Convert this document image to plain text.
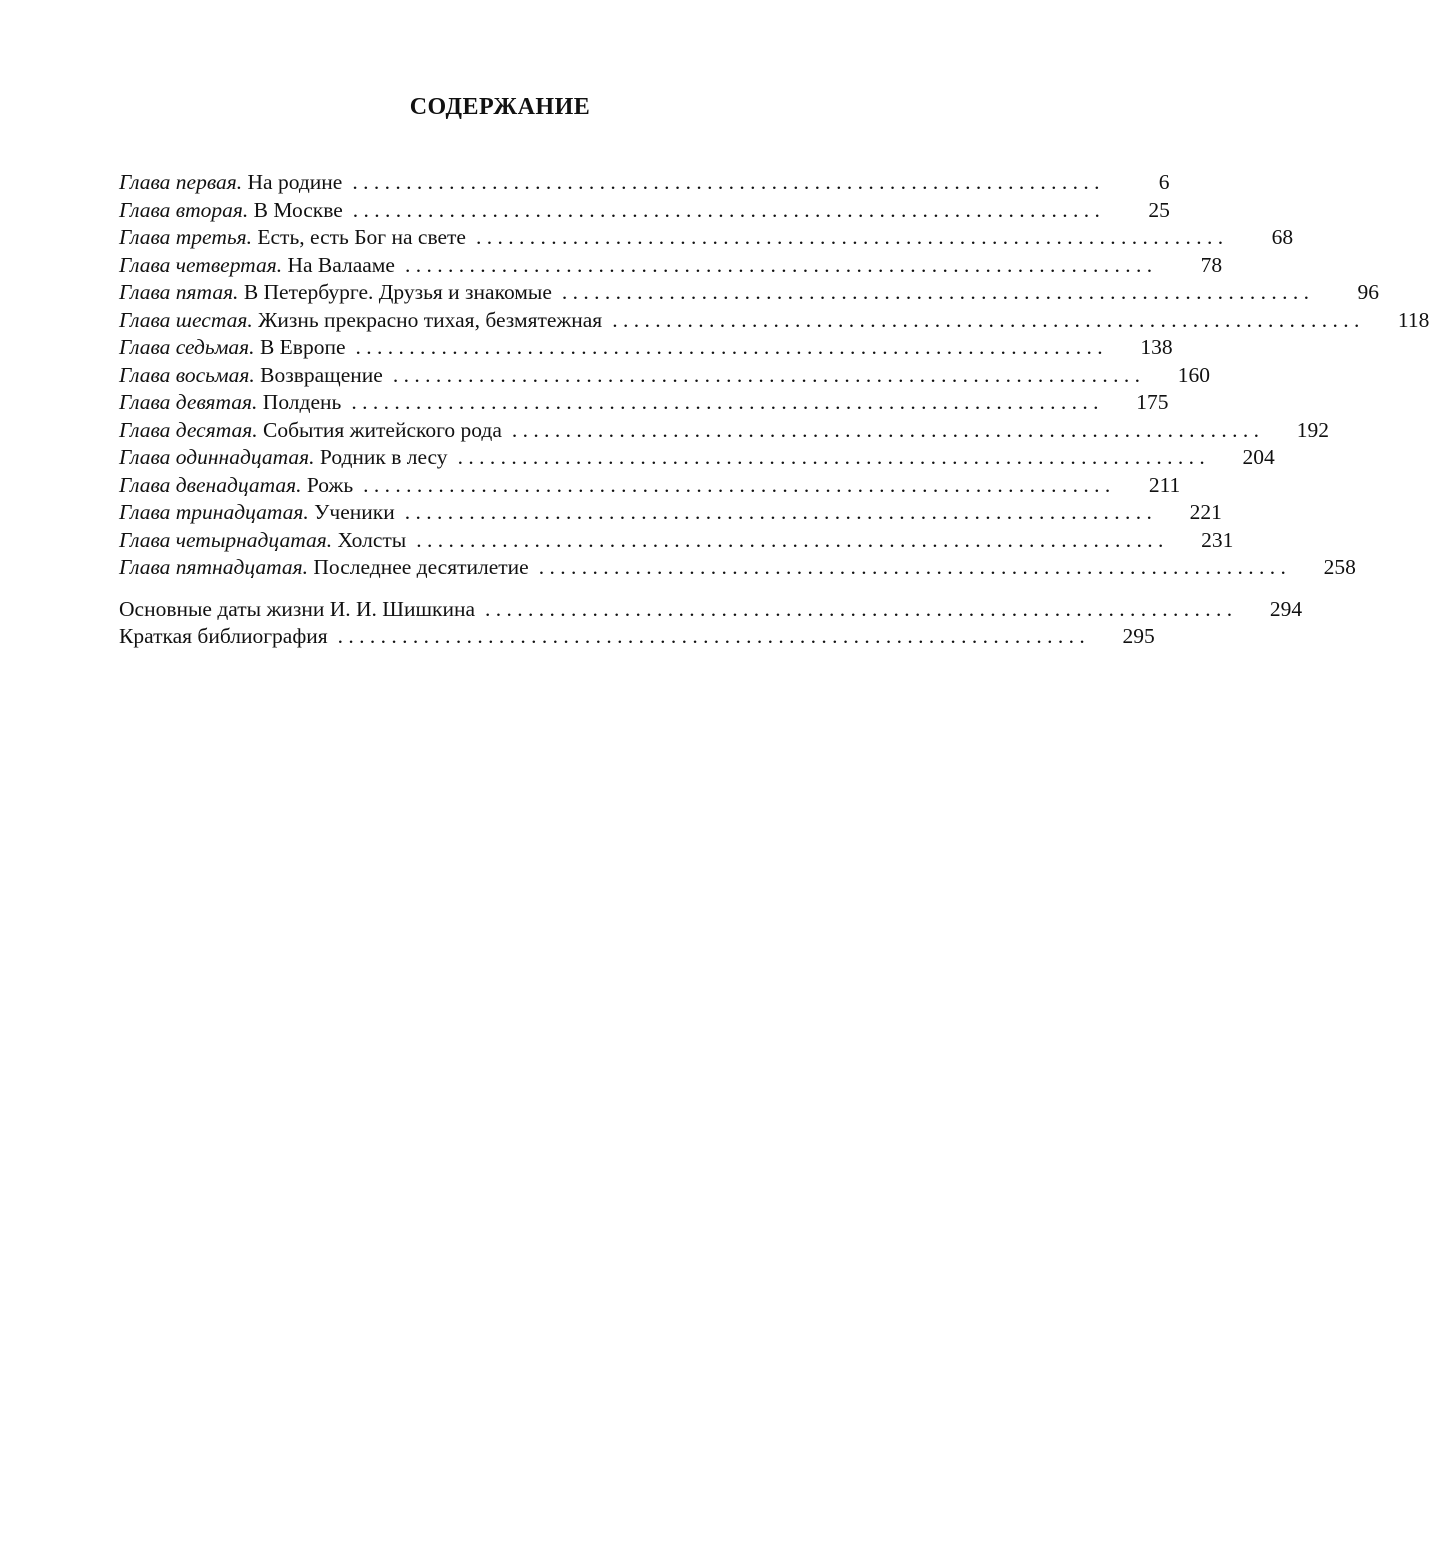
СОДЕРЖАНИЕ
Глава первая. На родине . . . . . . . . . . . . . . . . . . . . . . . . . . . . . . . . . . . . . . . . . . . . . . . . . . . . . . . . . . . . . . . . . . . . . .	6
Глава вторая. В Москве . . . . . . . . . . . . . . . . . . . . . . . . . . . . . . . . . . . . . . . . . . . . . . . . . . . . . . . . . . . . . . . . . . . . . .	25
Глава третья. Есть, есть Бог на свете . . . . . . . . . . . . . . . . . . . . . . . . . . . . . . . . . . . . . . . . . . . . . . . . . . . . . . . . . . . . . . . . . . . . . .	68
Глава четвертая. На Валааме . . . . . . . . . . . . . . . . . . . . . . . . . . . . . . . . . . . . . . . . . . . . . . . . . . . . . . . . . . . . . . . . . . . . . .	78
Глава пятая. В Петербурге. Друзья и знакомые . . . . . . . . . . . . . . . . . . . . . . . . . . . . . . . . . . . . . . . . . . . . . . . . . . . . . . . . . . . . . . . . . . . . . .	96
Глава шестая. Жизнь прекрасно тихая, безмятежная . . . . . . . . . . . . . . . . . . . . . . . . . . . . . . . . . . . . . . . . . . . . . . . . . . . . . . . . . . . . . . . . . . . . . .	118
Глава седьмая. В Европе . . . . . . . . . . . . . . . . . . . . . . . . . . . . . . . . . . . . . . . . . . . . . . . . . . . . . . . . . . . . . . . . . . . . . .	138
Глава восьмая. Возвращение . . . . . . . . . . . . . . . . . . . . . . . . . . . . . . . . . . . . . . . . . . . . . . . . . . . . . . . . . . . . . . . . . . . . . .	160
Глава девятая. Полдень . . . . . . . . . . . . . . . . . . . . . . . . . . . . . . . . . . . . . . . . . . . . . . . . . . . . . . . . . . . . . . . . . . . . . .	175
Глава десятая. События житейского рода . . . . . . . . . . . . . . . . . . . . . . . . . . . . . . . . . . . . . . . . . . . . . . . . . . . . . . . . . . . . . . . . . . . . . .	192
Глава одиннадцатая. Родник в лесу . . . . . . . . . . . . . . . . . . . . . . . . . . . . . . . . . . . . . . . . . . . . . . . . . . . . . . . . . . . . . . . . . . . . . .	204
Глава двенадцатая. Рожь . . . . . . . . . . . . . . . . . . . . . . . . . . . . . . . . . . . . . . . . . . . . . . . . . . . . . . . . . . . . . . . . . . . . . .	211
Глава тринадцатая. Ученики . . . . . . . . . . . . . . . . . . . . . . . . . . . . . . . . . . . . . . . . . . . . . . . . . . . . . . . . . . . . . . . . . . . . . .	221
Глава четырнадцатая. Холсты . . . . . . . . . . . . . . . . . . . . . . . . . . . . . . . . . . . . . . . . . . . . . . . . . . . . . . . . . . . . . . . . . . . . . .	231
Глава пятнадцатая. Последнее десятилетие . . . . . . . . . . . . . . . . . . . . . . . . . . . . . . . . . . . . . . . . . . . . . . . . . . . . . . . . . . . . . . . . . . . . . .	258
Основные даты жизни И. И. Шишкина . . . . . . . . . . . . . . . . . . . . . . . . . . . . . . . . . . . . . . . . . . . . . . . . . . . . . . . . . . . . . . . . . . . . . .	294
Краткая библиография . . . . . . . . . . . . . . . . . . . . . . . . . . . . . . . . . . . . . . . . . . . . . . . . . . . . . . . . . . . . . . . . . . . . . .	295
